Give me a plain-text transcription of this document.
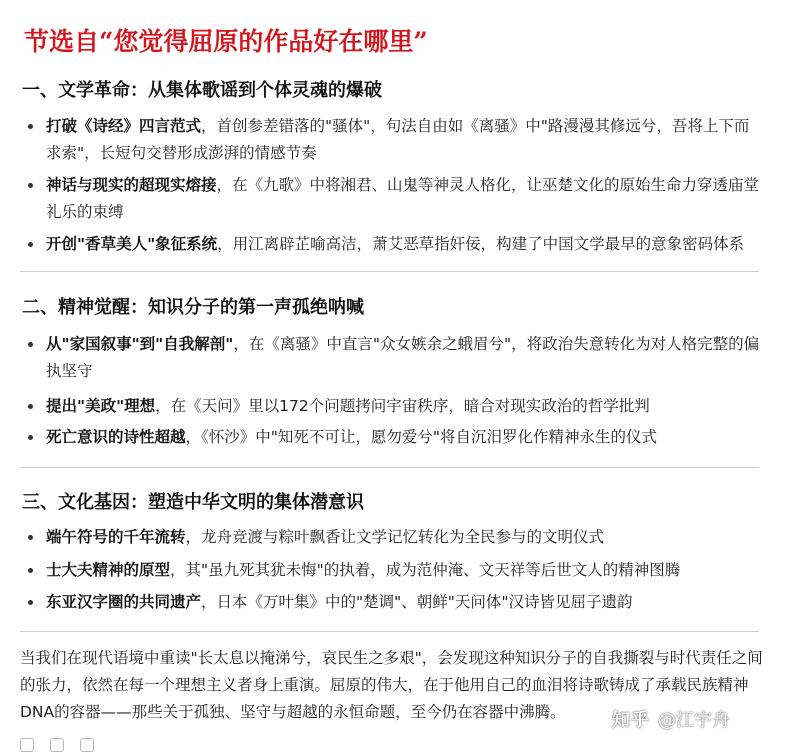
节选自“您觉得屈原的作品好在哪里”
一、文学革命：从集体歌谣到个体灵魂的爆破
打破《诗经》四言范式，首创参差错落的"骚体"，句法自由如《离骚》中"路漫漫其修远兮，吾将上下而求索"，长短句交替形成澎湃的情感节奏
神话与现实的超现实熔接，在《九歌》中将湘君、山鬼等神灵人格化，让巫楚文化的原始生命力穿透庙堂礼乐的束缚
开创"香草美人"象征系统，用江离辟芷喻高洁，萧艾恶草指奸佞，构建了中国文学最早的意象密码体系
二、精神觉醒：知识分子的第一声孤绝呐喊
从"家国叙事"到"自我解剖"，在《离骚》中直言"众女嫉余之蛾眉兮"，将政治失意转化为对人格完整的偏执坚守
提出"美政"理想，在《天问》里以172个问题拷问宇宙秩序，暗合对现实政治的哲学批判
死亡意识的诗性超越，《怀沙》中"知死不可让，愿勿爱兮"将自沉汨罗化作精神永生的仪式
三、文化基因：塑造中华文明的集体潜意识
端午符号的千年流转，龙舟竞渡与粽叶飘香让文学记忆转化为全民参与的文明仪式
士大夫精神的原型，其"虽九死其犹未悔"的执着，成为范仲淹、文天祥等后世文人的精神图腾
东亚汉字圈的共同遗产，日本《万叶集》中的"楚调"、朝鲜"天问体"汉诗皆见屈子遗韵
当我们在现代语境中重读"长太息以掩涕兮，哀民生之多艰"，会发现这种知识分子的自我撕裂与时代责任之间的张力，依然在每一个理想主义者身上重演。屈原的伟大，在于他用自己的血泪将诗歌铸成了承载民族精神DNA的容器——那些关于孤独、坚守与超越的永恒命题，至今仍在容器中沸腾。	知乎 @江宇舟
